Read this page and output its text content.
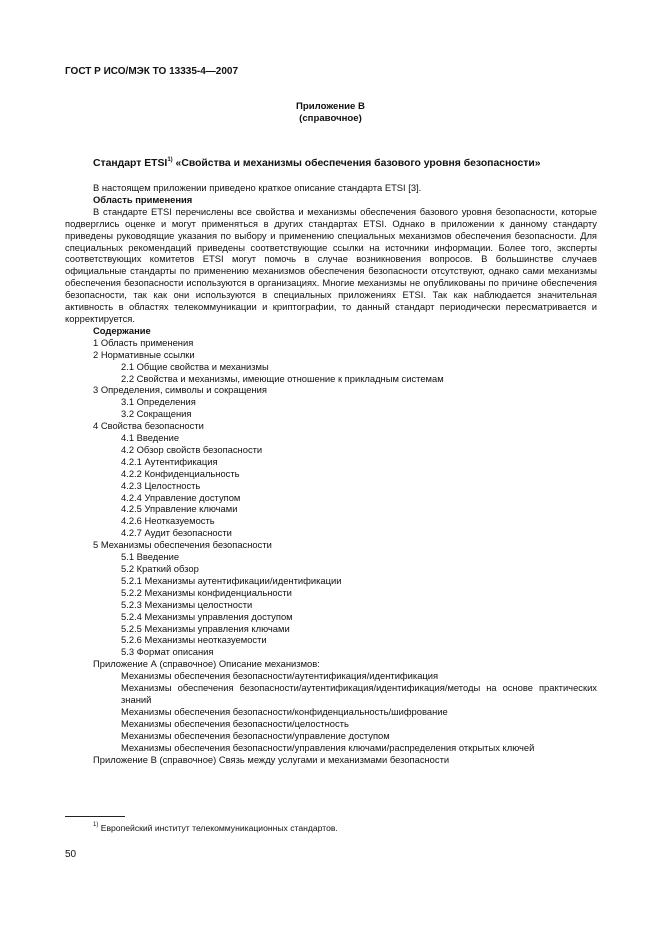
ГОСТ Р ИСО/МЭК ТО 13335-4—2007
Приложение В
(справочное)
Стандарт ETSI$^{1)}$ «Свойства и механизмы обеспечения базового уровня безопасности»
В настоящем приложении приведено краткое описание стандарта ETSI [3].
Область применения
В стандарте ETSI перечислены все свойства и механизмы обеспечения базового уровня безопасности, которые подверглись оценке и могут применяться в других стандартах ETSI. Однако в приложении к данному стандарту приведены руководящие указания по выбору и применению специальных механизмов обеспечения безопасности. Для специальных рекомендаций приведены соответствующие ссылки на источники информации. Более того, эксперты соответствующих комитетов ETSI могут помочь в случае возникновения вопросов. В большинстве случаев официальные стандарты по применению механизмов обеспечения безопасности отсутствуют, однако сами механизмы обеспечения безопасности используются в организациях. Многие механизмы не опубликованы по причине обеспечения безопасности, так как они используются в специальных приложениях ETSI. Так как наблюдается значительная активность в областях телекоммуникации и криптографии, то данный стандарт периодически пересматривается и корректируется.
Содержание
1 Область применения
2 Нормативные ссылки
2.1 Общие свойства и механизмы
2.2 Свойства и механизмы, имеющие отношение к прикладным системам
3 Определения, символы и сокращения
3.1 Определения
3.2 Сокращения
4 Свойства безопасности
4.1 Введение
4.2 Обзор свойств безопасности
4.2.1 Аутентификация
4.2.2 Конфиденциальность
4.2.3 Целостность
4.2.4 Управление доступом
4.2.5 Управление ключами
4.2.6 Неотказуемость
4.2.7 Аудит безопасности
5 Механизмы обеспечения безопасности
5.1 Введение
5.2 Краткий обзор
5.2.1 Механизмы аутентификации/идентификации
5.2.2 Механизмы конфиденциальности
5.2.3 Механизмы целостности
5.2.4 Механизмы управления доступом
5.2.5 Механизмы управления ключами
5.2.6 Механизмы неотказуемости
5.3 Формат описания
Приложение А (справочное) Описание механизмов:
Механизмы обеспечения безопасности/аутентификация/идентификация
Механизмы обеспечения безопасности/аутентификация/идентификация/методы на основе практических знаний
Механизмы обеспечения безопасности/конфиденциальность/шифрование
Механизмы обеспечения безопасности/целостность
Механизмы обеспечения безопасности/управление доступом
Механизмы обеспечения безопасности/управления ключами/распределения открытых ключей
Приложение В (справочное) Связь между услугами и механизмами безопасности
$^{1)}$ Европейский институт телекоммуникационных стандартов.
50
